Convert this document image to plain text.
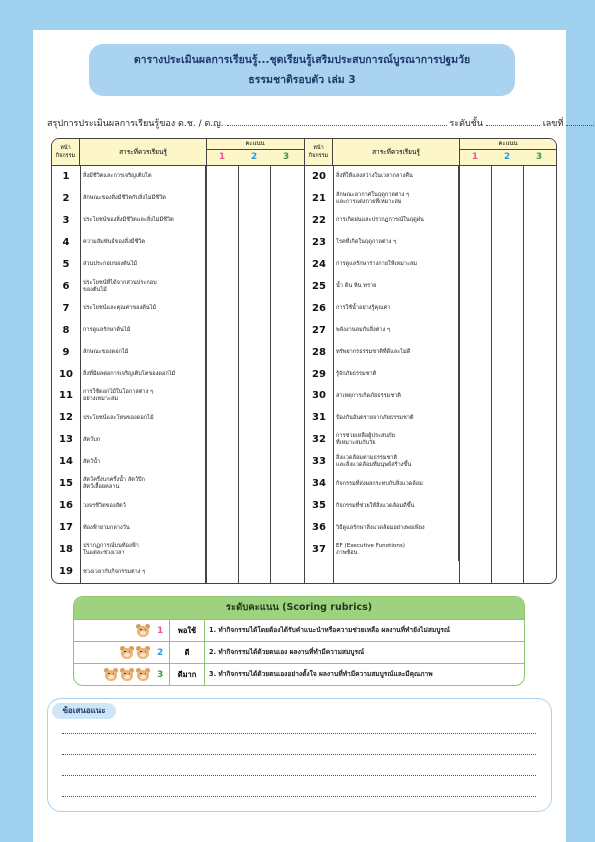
ตารางประเมินผลการเรียนรู้...ชุดเรียนรู้เสริมประสบการณ์บูรณาการปฐมวัย
ธรรมชาติรอบตัว เล่ม 3
สรุปการประเมินผลการเรียนรู้ของ ด.ช. / ด.ญ.	ระดับชั้น	เลขที่
หน้า
กิจกรรม	สาระที่ควรเรียนรู้
คะแนน
1	2	3
1	สิ่งมีชีวิตและการเจริญเติบโต
2	ลักษณะของสิ่งมีชีวิตกับสิ่งไม่มีชีวิต
3	ประโยชน์ของสิ่งมีชีวิตและสิ่งไม่มีชีวิต
4	ความสัมพันธ์ของสิ่งมีชีวิต
5	ส่วนประกอบของต้นไม้
6	ประโยชน์ที่ได้จากส่วนประกอบ
ของต้นไม้
7	ประโยชน์และคุณค่าของต้นไม้
8	การดูแลรักษาต้นไม้
9	ลักษณะของดอกไม้
10	สิ่งที่มีผลต่อการเจริญเติบโตของดอกไม้
11	การใช้ดอกไม้ในโอกาสต่าง ๆ
อย่างเหมาะสม
12	ประโยชน์และโทษของดอกไม้
13	สัตว์บก
14	สัตว์น้ำ
15	สัตว์ครึ่งบกครึ่งน้ำ สัตว์ปีก
สัตว์เลื้อยคลาน
16	วงจรชีวิตของสัตว์
17	ท้องฟ้ายามกลางวัน
18	ปรากฏการณ์บนท้องฟ้า
ในแต่ละช่วงเวลา
19	ช่วงเวลากับกิจกรรมต่าง ๆ
หน้า
กิจกรรม	สาระที่ควรเรียนรู้
คะแนน
1	2	3
20	สิ่งที่ให้แสงสว่างในเวลากลางคืน
21	ลักษณะอากาศในฤดูกาลต่าง ๆ
และการแต่งกายที่เหมาะสม
22	การเกิดฝนและปรากฏการณ์ในฤดูฝน
23	โรคที่เกิดในฤดูกาลต่าง ๆ
24	การดูแลรักษาร่างกายให้เหมาะสม
25	น้ำ ดิน หิน ทราย
26	การใช้น้ำอย่างรู้คุณค่า
27	พลังงานลมกับสิ่งต่าง ๆ
28	ทรัพยากรธรรมชาติที่ดีและไม่ดี
29	รู้จักภัยธรรมชาติ
30	สาเหตุการเกิดภัยธรรมชาติ
31	ป้องกันอันตรายจากภัยธรรมชาติ
32	การช่วยเหลือผู้ประสบภัย
ที่เหมาะสมกับวัย
33	สิ่งแวดล้อมตามธรรมชาติ
และสิ่งแวดล้อมที่มนุษย์สร้างขึ้น
34	กิจกรรมที่ส่งผลกระทบกับสิ่งแวดล้อม
35	กิจกรรมที่ช่วยให้สิ่งแวดล้อมดีขึ้น
36	วิธีดูแลรักษาสิ่งแวดล้อมอย่างพอเพียง
37	EF (Executive Funotions)
ภาพซ้อน
ระดับคะแนน (Scoring rubrics)
1	พอใช้	1. ทำกิจกรรมได้โดยต้องได้รับคำแนะนำหรือความช่วยเหลือ ผลงานที่ทำยังไม่สมบูรณ์
2	ดี	2. ทำกิจกรรมได้ด้วยตนเอง ผลงานที่ทำมีความสมบูรณ์
3	ดีมาก	3. ทำกิจกรรมได้ด้วยตนเองอย่างตั้งใจ ผลงานที่ทำมีความสมบูรณ์และมีคุณภาพ
ข้อเสนอแนะ
